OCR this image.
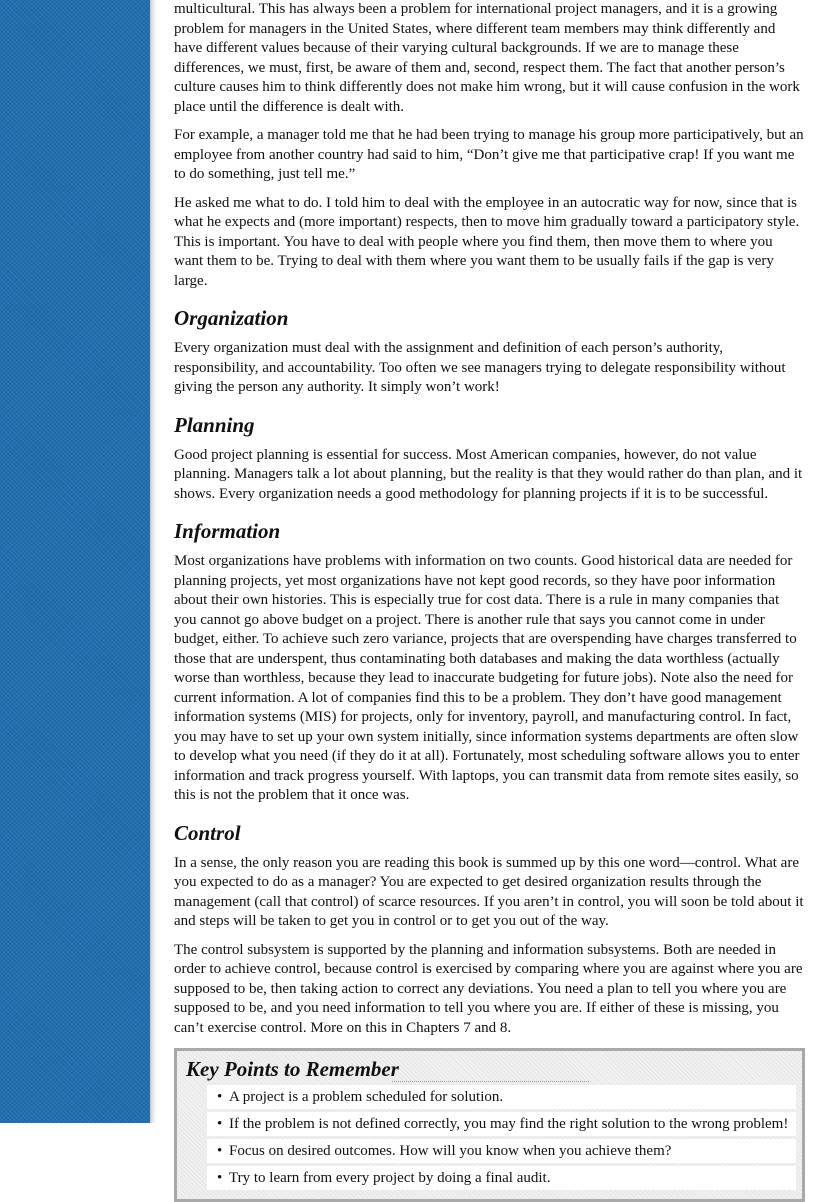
multicultural. This has always been a problem for international project managers, and it is a growing problem for managers in the United States, where different team members may think differently and have different values because of their varying cultural backgrounds. If we are to manage these differences, we must, first, be aware of them and, second, respect them. The fact that another person’s culture causes him to think differently does not make him wrong, but it will cause confusion in the work place until the difference is dealt with.

For example, a manager told me that he had been trying to manage his group more participatively, but an employee from another country had said to him, “Don’t give me that participative crap! If you want me to do something, just tell me.”

He asked me what to do. I told him to deal with the employee in an autocratic way for now, since that is what he expects and (more important) respects, then to move him gradually toward a participatory style. This is important. You have to deal with people where you find them, then move them to where you want them to be. Trying to deal with them where you want them to be usually fails if the gap is very large.

Organization

Every organization must deal with the assignment and definition of each person’s authority, responsibility, and accountability. Too often we see managers trying to delegate responsibility without giving the person any authority. It simply won’t work!

Planning

Good project planning is essential for success. Most American companies, however, do not value planning. Managers talk a lot about planning, but the reality is that they would rather do than plan, and it shows. Every organization needs a good methodology for planning projects if it is to be successful.

Information

Most organizations have problems with information on two counts. Good historical data are needed for planning projects, yet most organizations have not kept good records, so they have poor information about their own histories. This is especially true for cost data. There is a rule in many companies that you cannot go above budget on a project. There is another rule that says you cannot come in under budget, either. To achieve such zero variance, projects that are overspending have charges transferred to those that are underspent, thus contaminating both databases and making the data worthless (actually worse than worthless, because they lead to inaccurate budgeting for future jobs). Note also the need for current information. A lot of companies find this to be a problem. They don’t have good management information systems (MIS) for projects, only for inventory, payroll, and manufacturing control. In fact, you may have to set up your own system initially, since information systems departments are often slow to develop what you need (if they do it at all). Fortunately, most scheduling software allows you to enter information and track progress yourself. With laptops, you can transmit data from remote sites easily, so this is not the problem that it once was.

Control

In a sense, the only reason you are reading this book is summed up by this one word—control. What are you expected to do as a manager? You are expected to get desired organization results through the management (call that control) of scarce resources. If you aren’t in control, you will soon be told about it and steps will be taken to get you in control or to get you out of the way.

The control subsystem is supported by the planning and information subsystems. Both are needed in order to achieve control, because control is exercised by comparing where you are against where you are supposed to be, then taking action to correct any deviations. You need a plan to tell you where you are supposed to be, and you need information to tell you where you are. If either of these is missing, you can’t exercise control. More on this in Chapters 7 and 8.

Key Points to Remember
• A project is a problem scheduled for solution.
• If the problem is not defined correctly, you may find the right solution to the wrong problem!
• Focus on desired outcomes. How will you know when you achieve them?
• Try to learn from every project by doing a final audit.
